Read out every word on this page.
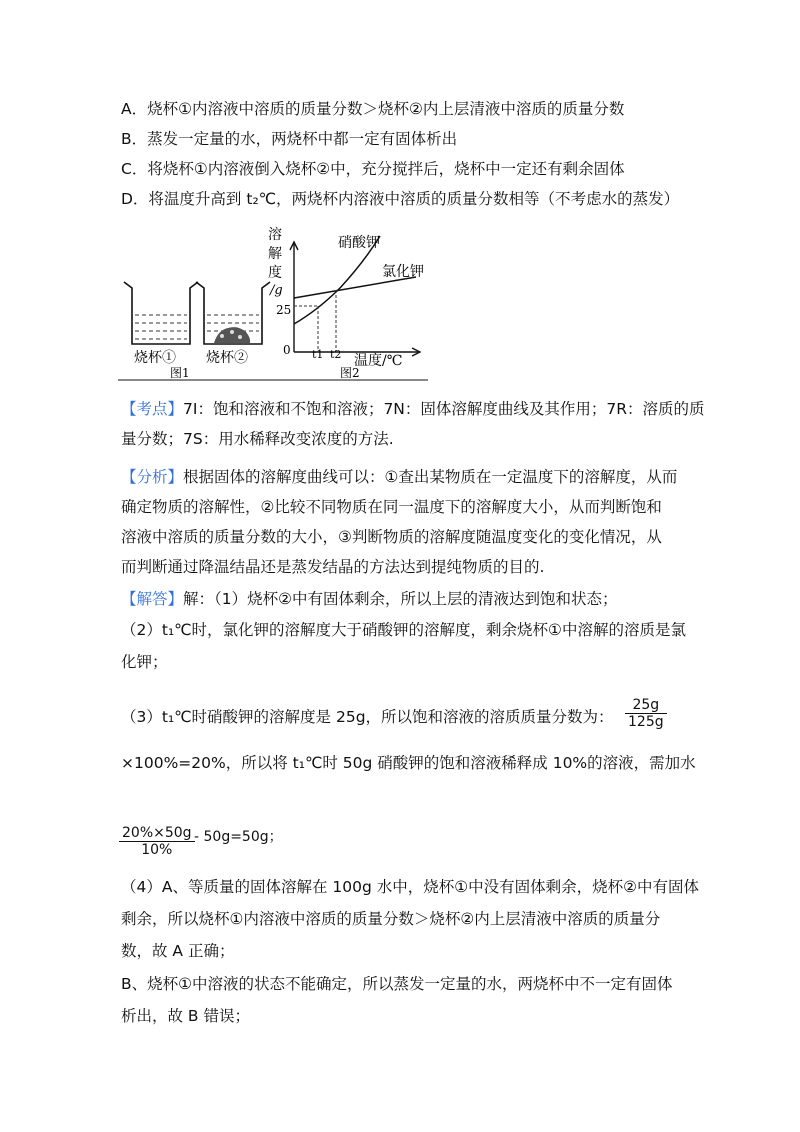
A．烧杯①内溶液中溶质的质量分数＞烧杯②内上层清液中溶质的质量分数
B．蒸发一定量的水，两烧杯中都一定有固体析出
C．将烧杯①内溶液倒入烧杯②中，充分搅拌后，烧杯中一定还有剩余固体
D．将温度升高到 t₂℃，两烧杯内溶液中溶质的质量分数相等（不考虑水的蒸发）
烧杯① 烧杯②
溶
解
度
/g
25
0 t1 t2 温度/℃
硝酸钾
氯化钾
图1	图2
【考点】7I：饱和溶液和不饱和溶液；7N：固体溶解度曲线及其作用；7R：溶质的质
量分数；7S：用水稀释改变浓度的方法.
【分析】根据固体的溶解度曲线可以：①查出某物质在一定温度下的溶解度，从而
确定物质的溶解性，②比较不同物质在同一温度下的溶解度大小，从而判断饱和
溶液中溶质的质量分数的大小，③判断物质的溶解度随温度变化的变化情况，从
而判断通过降温结晶还是蒸发结晶的方法达到提纯物质的目的.
【解答】解：（1）烧杯②中有固体剩余，所以上层的清液达到饱和状态；
（2）t₁℃时，氯化钾的溶解度大于硝酸钾的溶解度，剩余烧杯①中溶解的溶质是氯
化钾；
（3）t₁℃时硝酸钾的溶解度是 25g，所以饱和溶液的溶质质量分数为： $\frac{25g}{125g}$
×100%=20%，所以将 t₁℃时 50g 硝酸钾的饱和溶液稀释成 10%的溶液，需加水
$\frac{20\%\times 50g}{10\%} - 50g=50g$；
（4）A、等质量的固体溶解在 100g 水中，烧杯①中没有固体剩余，烧杯②中有固体
剩余，所以烧杯①内溶液中溶质的质量分数＞烧杯②内上层清液中溶质的质量分
数，故 A 正确；
B、烧杯①中溶液的状态不能确定，所以蒸发一定量的水，两烧杯中不一定有固体
析出，故 B 错误；
